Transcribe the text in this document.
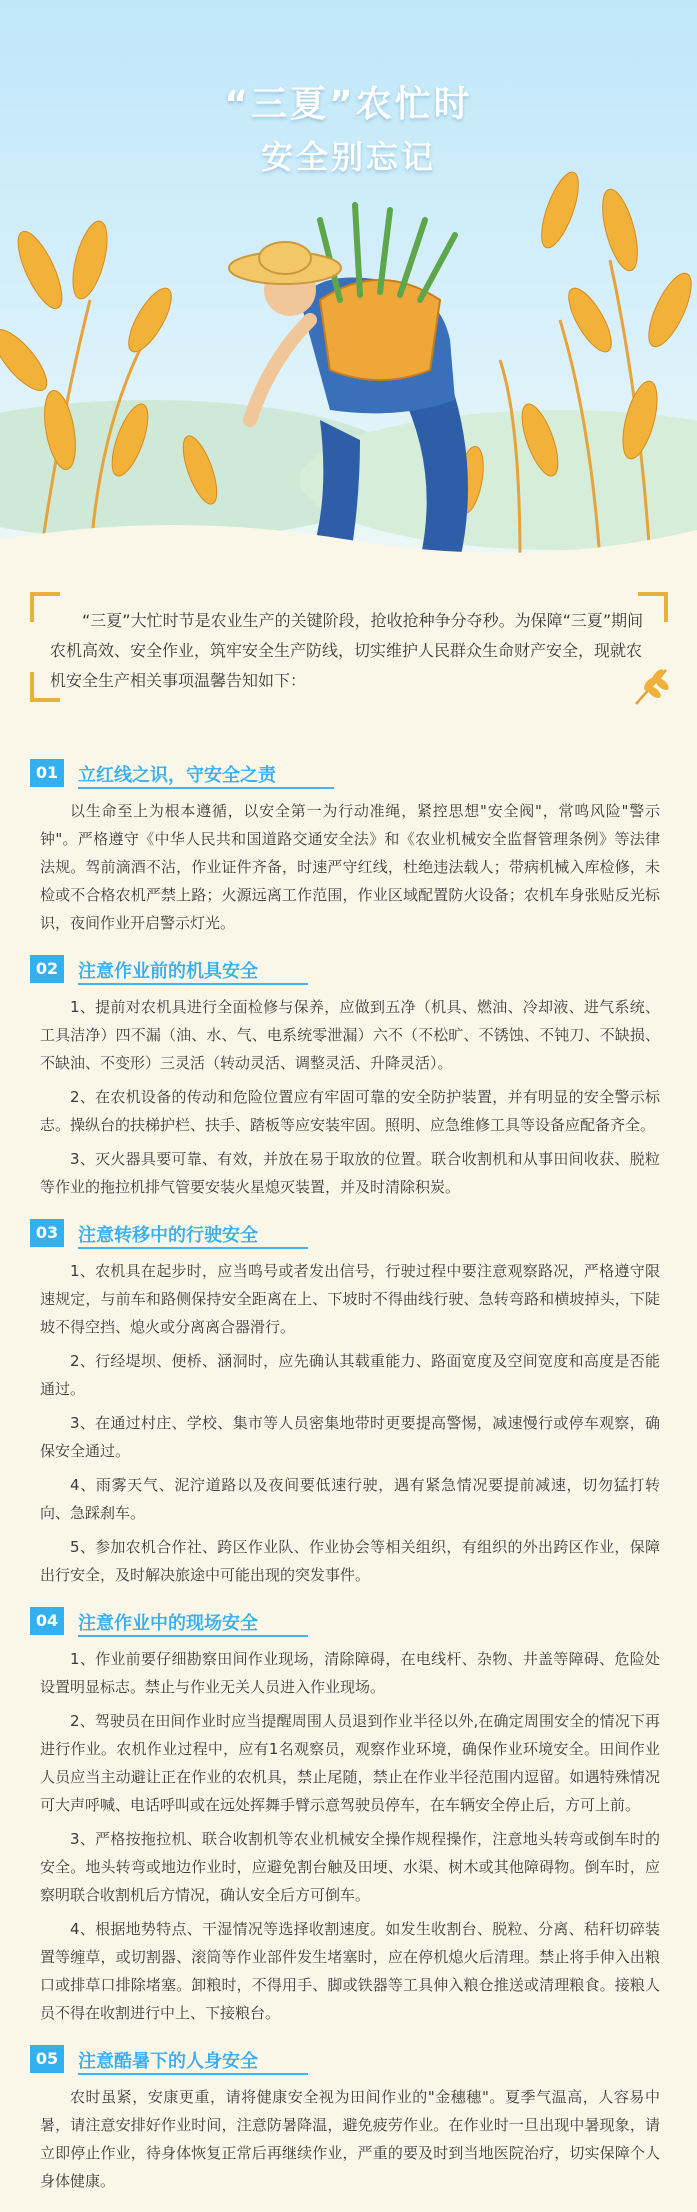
“三夏”农忙时
安全别忘记
“三夏”大忙时节是农业生产的关键阶段，抢收抢种争分夺秒。为保障“三夏”期间农机高效、安全作业，筑牢安全生产防线，切实维护人民群众生命财产安全，现就农机安全生产相关事项温馨告知如下：
01	立红线之识，守安全之责

以生命至上为根本遵循，以安全第一为行动准绳，紧控思想"安全阀"，常鸣风险"警示钟"。严格遵守《中华人民共和国道路交通安全法》和《农业机械安全监督管理条例》等法律法规。驾前滴酒不沾，作业证件齐备，时速严守红线，杜绝违法载人；带病机械入库检修，未检或不合格农机严禁上路；火源远离工作范围，作业区域配置防火设备；农机车身张贴反光标识，夜间作业开启警示灯光。

02	注意作业前的机具安全

1、提前对农机具进行全面检修与保养，应做到五净（机具、燃油、冷却液、进气系统、工具洁净）四不漏（油、水、气、电系统零泄漏）六不（不松旷、不锈蚀、不钝刀、不缺损、不缺油、不变形）三灵活（转动灵活、调整灵活、升降灵活）。

2、在农机设备的传动和危险位置应有牢固可靠的安全防护装置，并有明显的安全警示标志。操纵台的扶梯护栏、扶手、踏板等应安装牢固。照明、应急维修工具等设备应配备齐全。

3、灭火器具要可靠、有效，并放在易于取放的位置。联合收割机和从事田间收获、脱粒等作业的拖拉机排气管要安装火星熄灭装置，并及时清除积炭。

03	注意转移中的行驶安全

1、农机具在起步时，应当鸣号或者发出信号，行驶过程中要注意观察路况，严格遵守限速规定，与前车和路侧保持安全距离在上、下坡时不得曲线行驶、急转弯路和横坡掉头，下陡坡不得空挡、熄火或分离离合器滑行。

2、行经堤坝、便桥、涵洞时，应先确认其载重能力、路面宽度及空间宽度和高度是否能通过。

3、在通过村庄、学校、集市等人员密集地带时更要提高警惕，减速慢行或停车观察，确保安全通过。

4、雨雾天气、泥泞道路以及夜间要低速行驶，遇有紧急情况要提前减速，切勿猛打转向、急踩刹车。

5、参加农机合作社、跨区作业队、作业协会等相关组织，有组织的外出跨区作业，保障出行安全，及时解决旅途中可能出现的突发事件。

04	注意作业中的现场安全

1、作业前要仔细勘察田间作业现场，清除障碍，在电线杆、杂物、井盖等障碍、危险处设置明显标志。禁止与作业无关人员进入作业现场。

2、驾驶员在田间作业时应当提醒周围人员退到作业半径以外,在确定周围安全的情况下再进行作业。农机作业过程中，应有1名观察员，观察作业环境，确保作业环境安全。田间作业人员应当主动避让正在作业的农机具，禁止尾随，禁止在作业半径范围内逗留。如遇特殊情况可大声呼喊、电话呼叫或在远处挥舞手臂示意驾驶员停车，在车辆安全停止后，方可上前。

3、严格按拖拉机、联合收割机等农业机械安全操作规程操作，注意地头转弯或倒车时的安全。地头转弯或地边作业时，应避免割台触及田埂、水渠、树木或其他障碍物。倒车时，应察明联合收割机后方情况，确认安全后方可倒车。

4、根据地势特点、干湿情况等选择收割速度。如发生收割台、脱粒、分离、秸秆切碎装置等缠草，或切割器、滚筒等作业部件发生堵塞时，应在停机熄火后清理。禁止将手伸入出粮口或排草口排除堵塞。卸粮时，不得用手、脚或铁器等工具伸入粮仓推送或清理粮食。接粮人员不得在收割进行中上、下接粮台。

05	注意酷暑下的人身安全

农时虽紧，安康更重，请将健康安全视为田间作业的"金穗穗"。夏季气温高，人容易中暑，请注意安排好作业时间，注意防暑降温，避免疲劳作业。在作业时一旦出现中暑现象，请立即停止作业，待身体恢复正常后再继续作业，严重的要及时到当地医院治疗，切实保障个人身体健康。
